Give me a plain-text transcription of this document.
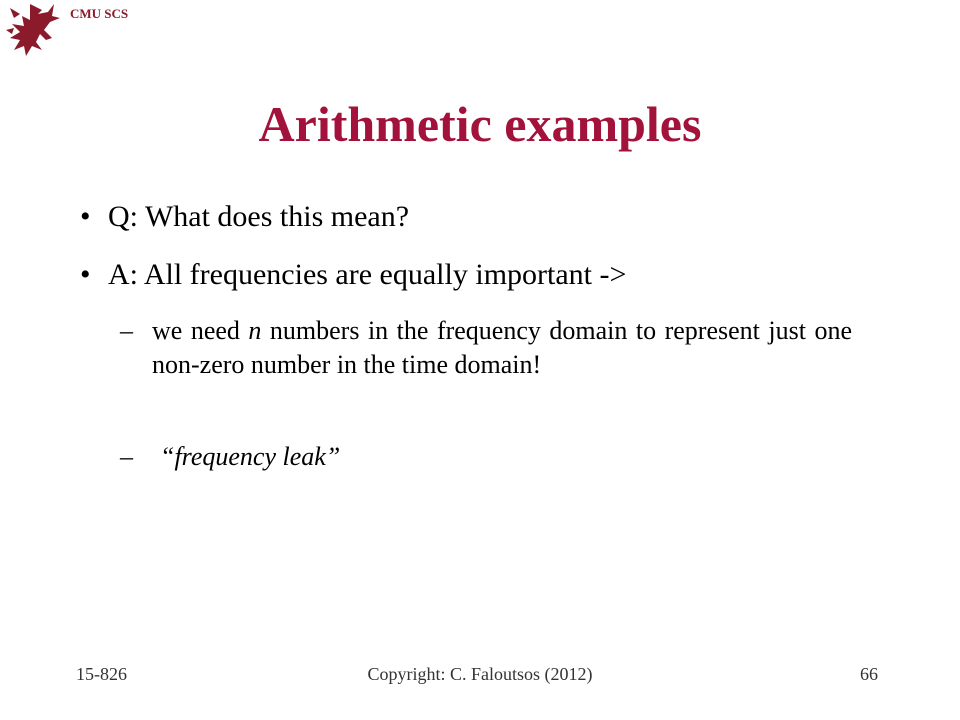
CMU SCS
Arithmetic examples
• Q: What does this mean?
• A: All frequencies are equally important ->
– we need n numbers in the frequency domain to represent just one non-zero number in the time domain!
– “frequency leak”
15-826	Copyright: C. Faloutsos (2012)	66
